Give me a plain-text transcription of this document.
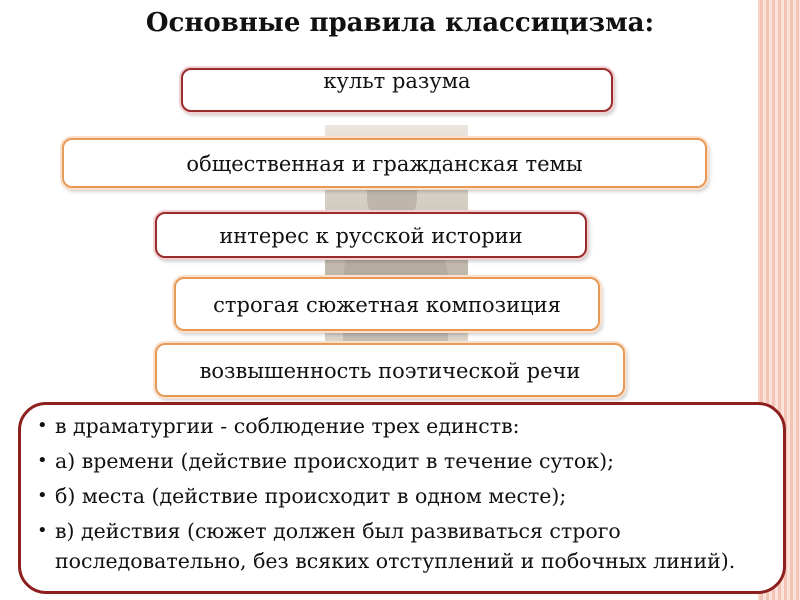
Основные правила классицизма:
культ разума
общественная и гражданская темы
интерес к русской истории
строгая сюжетная композиция
возвышенность поэтической речи
• в драматургии - соблюдение трех единств:
• а) времени (действие происходит в течение суток);
• б) места (действие происходит в одном месте);
• в) действия (сюжет должен был развиваться строго последовательно, без всяких отступлений и побочных линий).
